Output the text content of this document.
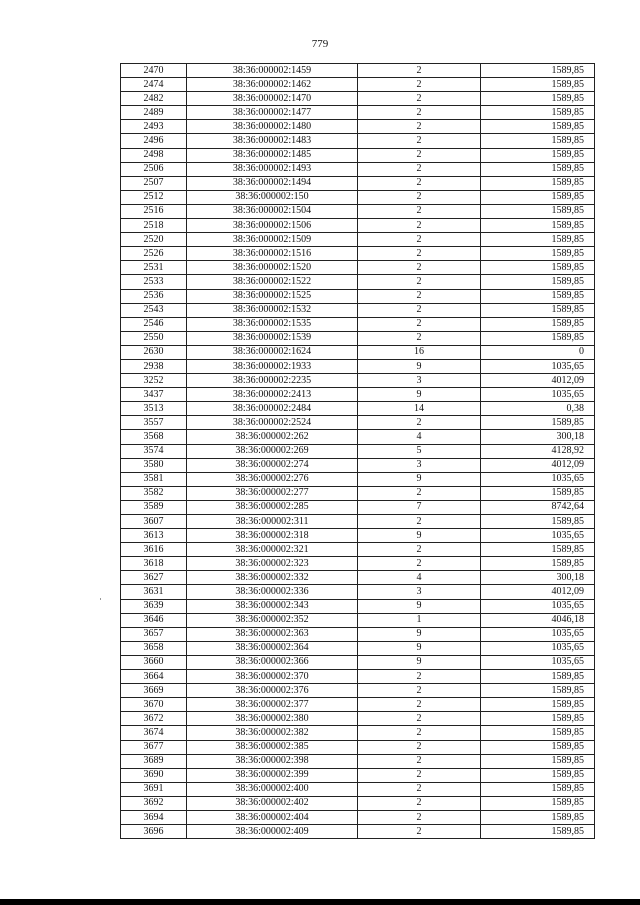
779
2470	38:36:000002:1459	2	1589,85
2474	38:36:000002:1462	2	1589,85
2482	38:36:000002:1470	2	1589,85
2489	38:36:000002:1477	2	1589,85
2493	38:36:000002:1480	2	1589,85
2496	38:36:000002:1483	2	1589,85
2498	38:36:000002:1485	2	1589,85
2506	38:36:000002:1493	2	1589,85
2507	38:36:000002:1494	2	1589,85
2512	38:36:000002:150	2	1589,85
2516	38:36:000002:1504	2	1589,85
2518	38:36:000002:1506	2	1589,85
2520	38:36:000002:1509	2	1589,85
2526	38:36:000002:1516	2	1589,85
2531	38:36:000002:1520	2	1589,85
2533	38:36:000002:1522	2	1589,85
2536	38:36:000002:1525	2	1589,85
2543	38:36:000002:1532	2	1589,85
2546	38:36:000002:1535	2	1589,85
2550	38:36:000002:1539	2	1589,85
2630	38:36:000002:1624	16	0
2938	38:36:000002:1933	9	1035,65
3252	38:36:000002:2235	3	4012,09
3437	38:36:000002:2413	9	1035,65
3513	38:36:000002:2484	14	0,38
3557	38:36:000002:2524	2	1589,85
3568	38:36:000002:262	4	300,18
3574	38:36:000002:269	5	4128,92
3580	38:36:000002:274	3	4012,09
3581	38:36:000002:276	9	1035,65
3582	38:36:000002:277	2	1589,85
3589	38:36:000002:285	7	8742,64
3607	38:36:000002:311	2	1589,85
3613	38:36:000002:318	9	1035,65
3616	38:36:000002:321	2	1589,85
3618	38:36:000002:323	2	1589,85
3627	38:36:000002:332	4	300,18
3631	38:36:000002:336	3	4012,09
3639	38:36:000002:343	9	1035,65
3646	38:36:000002:352	1	4046,18
3657	38:36:000002:363	9	1035,65
3658	38:36:000002:364	9	1035,65
3660	38:36:000002:366	9	1035,65
3664	38:36:000002:370	2	1589,85
3669	38:36:000002:376	2	1589,85
3670	38:36:000002:377	2	1589,85
3672	38:36:000002:380	2	1589,85
3674	38:36:000002:382	2	1589,85
3677	38:36:000002:385	2	1589,85
3689	38:36:000002:398	2	1589,85
3690	38:36:000002:399	2	1589,85
3691	38:36:000002:400	2	1589,85
3692	38:36:000002:402	2	1589,85
3694	38:36:000002:404	2	1589,85
3696	38:36:000002:409	2	1589,85
